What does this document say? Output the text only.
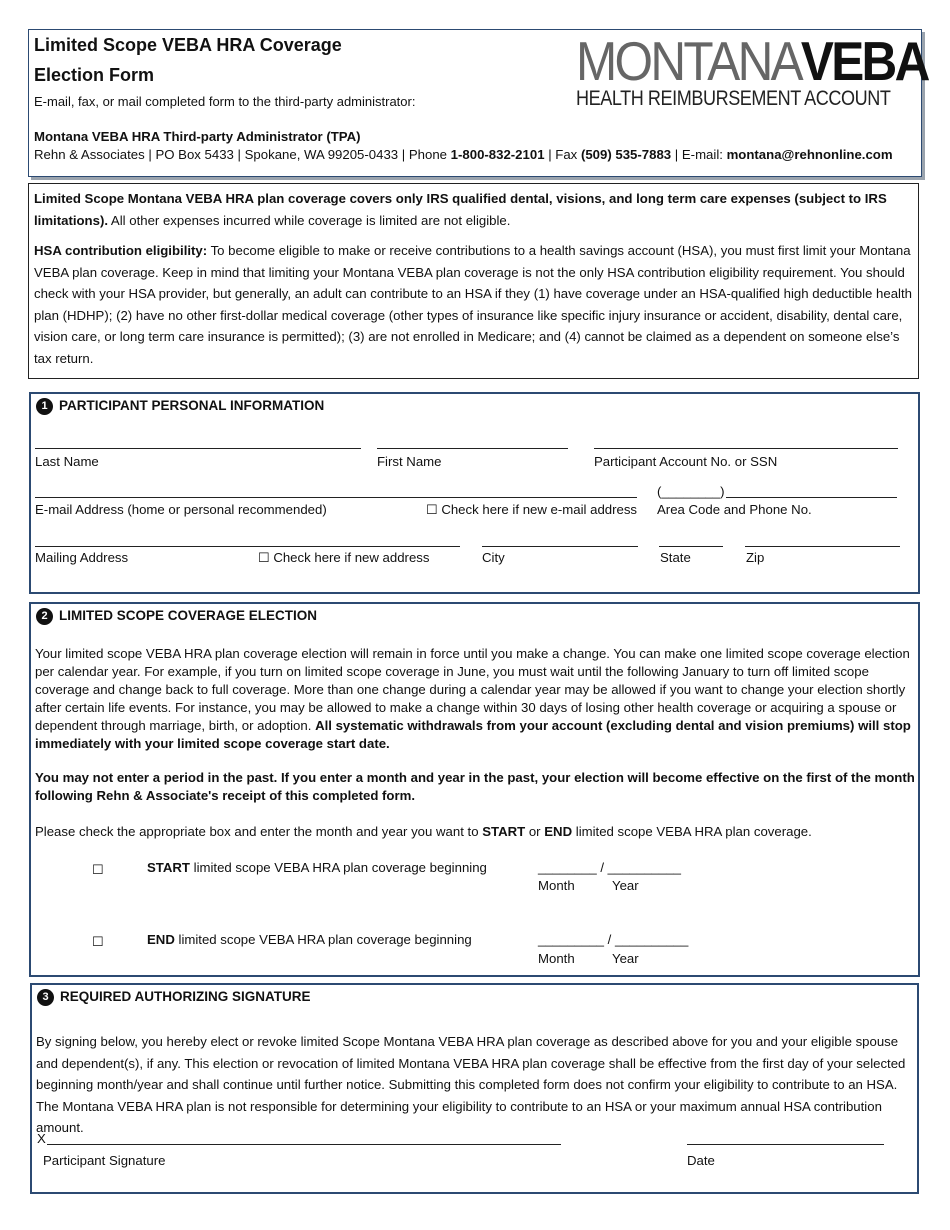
Limited Scope VEBA HRA Coverage
Election Form
E-mail, fax, or mail completed form to the third-party administrator:
Montana VEBA HRA Third-party Administrator (TPA)
Rehn & Associates | PO Box 5433 | Spokane, WA 99205-0433 | Phone 1-800-832-2101 | Fax (509) 535-7883 | E-mail: montana@rehnonline.com
MONTANAVEBA
HEALTH REIMBURSEMENT ACCOUNT

Limited Scope Montana VEBA HRA plan coverage covers only IRS qualified dental, visions, and long term care expenses (subject to IRS limitations). All other expenses incurred while coverage is limited are not eligible.

HSA contribution eligibility: To become eligible to make or receive contributions to a health savings account (HSA), you must first limit your Montana VEBA plan coverage. Keep in mind that limiting your Montana VEBA plan coverage is not the only HSA contribution eligibility requirement. You should check with your HSA provider, but generally, an adult can contribute to an HSA if they (1) have coverage under an HSA-qualified high deductible health plan (HDHP); (2) have no other first-dollar medical coverage (other types of insurance like specific injury insurance or accident, disability, dental care, vision care, or long term care insurance is permitted); (3) are not enrolled in Medicare; and (4) cannot be claimed as a dependent on someone else’s tax return.

1 PARTICIPANT PERSONAL INFORMATION
Last Name	First Name	Participant Account No. or SSN
E-mail Address (home or personal recommended)	☐ Check here if new e-mail address
(________)
Area Code and Phone No.
Mailing Address	☐ Check here if new address	City	State	Zip
2 LIMITED SCOPE COVERAGE ELECTION

Your limited scope VEBA HRA plan coverage election will remain in force until you make a change. You can make one limited scope coverage election per calendar year. For example, if you turn on limited scope coverage in June, you must wait until the following January to turn off limited scope coverage and change back to full coverage. More than one change during a calendar year may be allowed if you want to change your election shortly after certain life events. For instance, you may be allowed to make a change within 30 days of losing other health coverage or acquiring a spouse or dependent through marriage, birth, or adoption. All systematic withdrawals from your account (excluding dental and vision premiums) will stop immediately with your limited scope coverage start date.

You may not enter a period in the past. If you enter a month and year in the past, your election will become effective on the first of the month following Rehn & Associate's receipt of this completed form.

Please check the appropriate box and enter the month and year you want to START or END limited scope VEBA HRA plan coverage.

☐	START limited scope VEBA HRA plan coverage beginning	________ / __________
Month	Year
☐	END limited scope VEBA HRA plan coverage beginning	_________ / __________
Month	Year
3 REQUIRED AUTHORIZING SIGNATURE

By signing below, you hereby elect or revoke limited Scope Montana VEBA HRA plan coverage as described above for you and your eligible spouse and dependent(s), if any. This election or revocation of limited Montana VEBA HRA plan coverage shall be effective from the first day of your selected beginning month/year and shall continue until further notice. Submitting this completed form does not confirm your eligibility to contribute to an HSA. The Montana VEBA HRA plan is not responsible for determining your eligibility to contribute to an HSA or your maximum annual HSA contribution amount.

X
Participant Signature	Date
